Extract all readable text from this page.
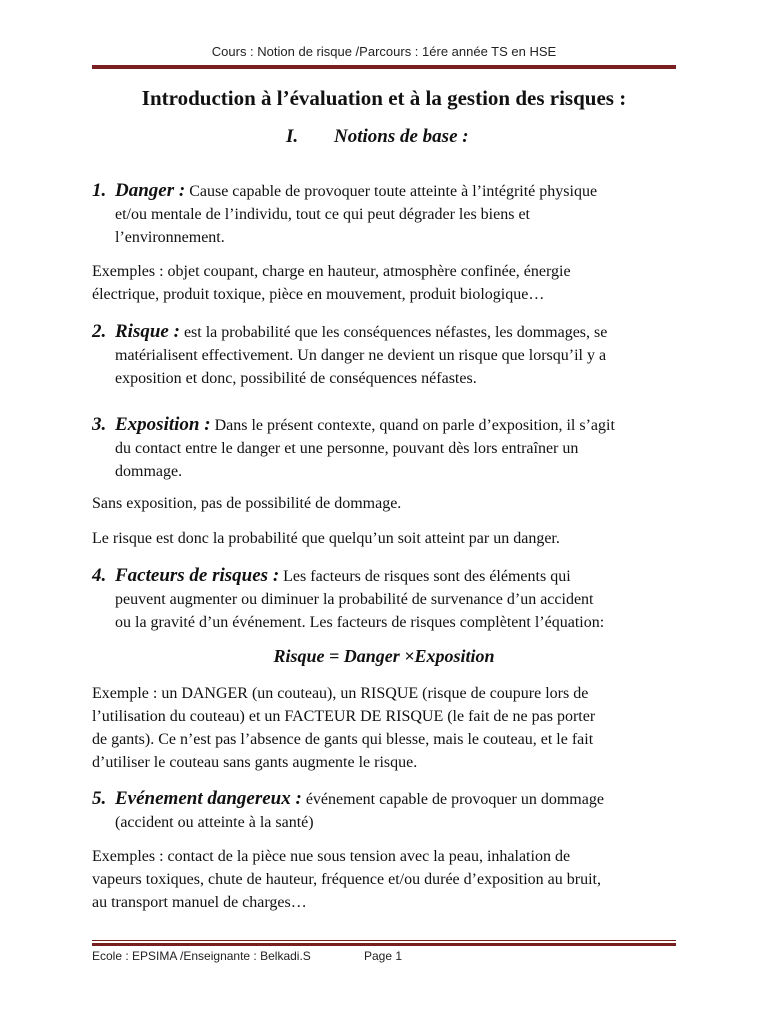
Cours : Notion de risque /Parcours : 1ére année TS en HSE
Introduction à l’évaluation et à la gestion des risques :
I. Notions de base :
1. Danger : Cause capable de provoquer toute atteinte à l’intégrité physique
et/ou mentale de l’individu, tout ce qui peut dégrader les biens et
l’environnement.
Exemples : objet coupant, charge en hauteur, atmosphère confinée, énergie
électrique, produit toxique, pièce en mouvement, produit biologique…
2. Risque : est la probabilité que les conséquences néfastes, les dommages, se
matérialisent effectivement. Un danger ne devient un risque que lorsqu’il y a
exposition et donc, possibilité de conséquences néfastes.
3. Exposition : Dans le présent contexte, quand on parle d’exposition, il s’agit
du contact entre le danger et une personne, pouvant dès lors entraîner un
dommage.
Sans exposition, pas de possibilité de dommage.
Le risque est donc la probabilité que quelqu’un soit atteint par un danger.
4. Facteurs de risques : Les facteurs de risques sont des éléments qui
peuvent augmenter ou diminuer la probabilité de survenance d’un accident
ou la gravité d’un événement. Les facteurs de risques complètent l’équation:
Risque = Danger ×Exposition
Exemple : un DANGER (un couteau), un RISQUE (risque de coupure lors de
l’utilisation du couteau) et un FACTEUR DE RISQUE (le fait de ne pas porter
de gants). Ce n’est pas l’absence de gants qui blesse, mais le couteau, et le fait
d’utiliser le couteau sans gants augmente le risque.
5. Evénement dangereux : événement capable de provoquer un dommage
(accident ou atteinte à la santé)
Exemples : contact de la pièce nue sous tension avec la peau, inhalation de
vapeurs toxiques, chute de hauteur, fréquence et/ou durée d’exposition au bruit,
au transport manuel de charges…
Ecole : EPSIMA /Enseignante : Belkadi.S	Page 1
